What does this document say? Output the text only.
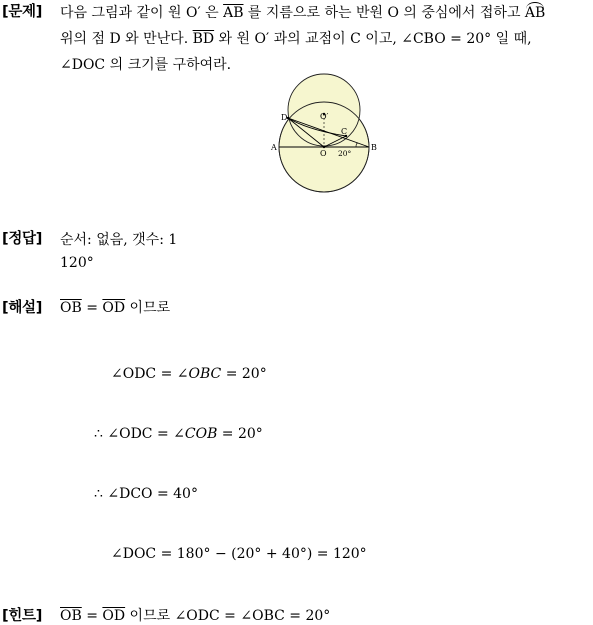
[문제] 다음 그림과 같이 원 O′ 은 $\overline{AB}$ 를 지름으로 하는 반원 O 의 중심에서 접하고 AB
위의 점 D 와 만난다. $\overline{BD}$ 와 원 O′ 과의 교점이 C 이고, ∠CBO = 20° 일 때,
∠DOC 의 크기를 구하여라.
D	O′
C
A
O
B
20°
[정답] 순서: 없음, 갯수: 1
120°
[해설] $\overline{OB} = \overline{OD}$ 이므로
∠ODC = ∠OBC = 20°
∴ ∠ODC = ∠COB = 20°
∴ ∠DCO = 40°
∠DOC = 180° − (20° + 40°) = 120°
[힌트] $\overline{OB} = \overline{OD}$ 이므로 ∠ODC = ∠OBC = 20°
